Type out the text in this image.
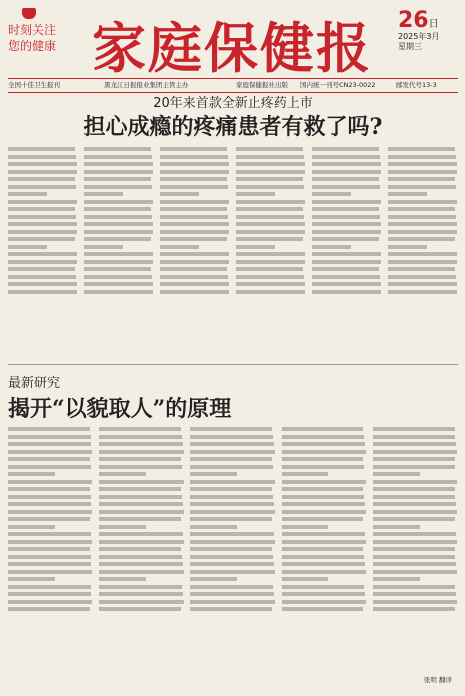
时刻关注
您的健康 家庭保健报 26日
2025年3月
星期三
全国十佳卫生报刊	黑龙江日报报业集团主管主办	家庭保健报社出版 国内统一刊号CN23-0022	邮发代号13-3
20年来首款全新止疼药上市
担心成瘾的疼痛患者有救了吗?
最新研究
揭开“以貌取人”的原理
张明 翻译
